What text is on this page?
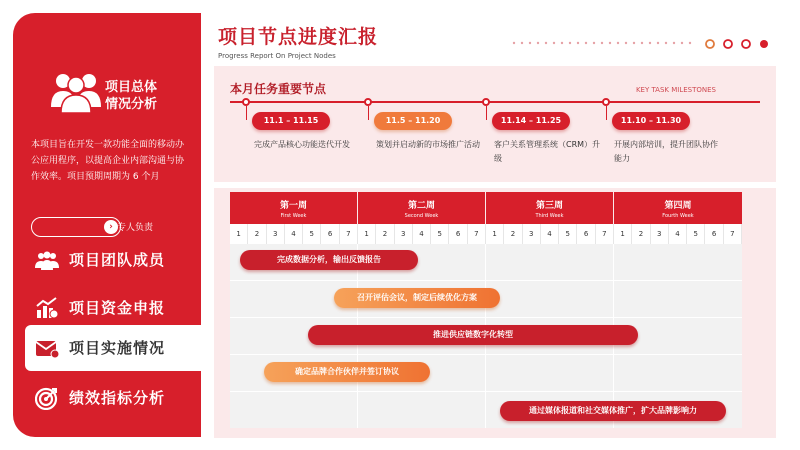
项目总体
情况分析
本项目旨在开发一款功能全面的移动办公应用程序，以提高企业内部沟通与协作效率。项目预期周期为 6 个月
› 专人负责
项目团队成员
项目资金申报
项目实施情况
绩效指标分析
项目节点进度汇报
Progress Report On Project Nodes
本月任务重要节点	KEY TASK MILESTONES
11.1 – 11.15
完成产品核心功能迭代开发
11.5 – 11.20
策划并启动新的市场推广活动
11.14 – 11.25
客户关系管理系统（CRM）升级
11.10 – 11.30
开展内部培训，提升团队协作能力
第一周
First Week
第二周
Second Week
第三周
Third Week
第四周
Fourth Week
1	2	3	4	5	6	7	1	2	3	4	5	6	7	1	2	3	4	5	6	7	1	2	3	4	5	6	7
完成数据分析，输出反馈报告
召开评估会议，制定后续优化方案
推进供应链数字化转型
确定品牌合作伙伴并签订协议
通过媒体报道和社交媒体推广，扩大品牌影响力
